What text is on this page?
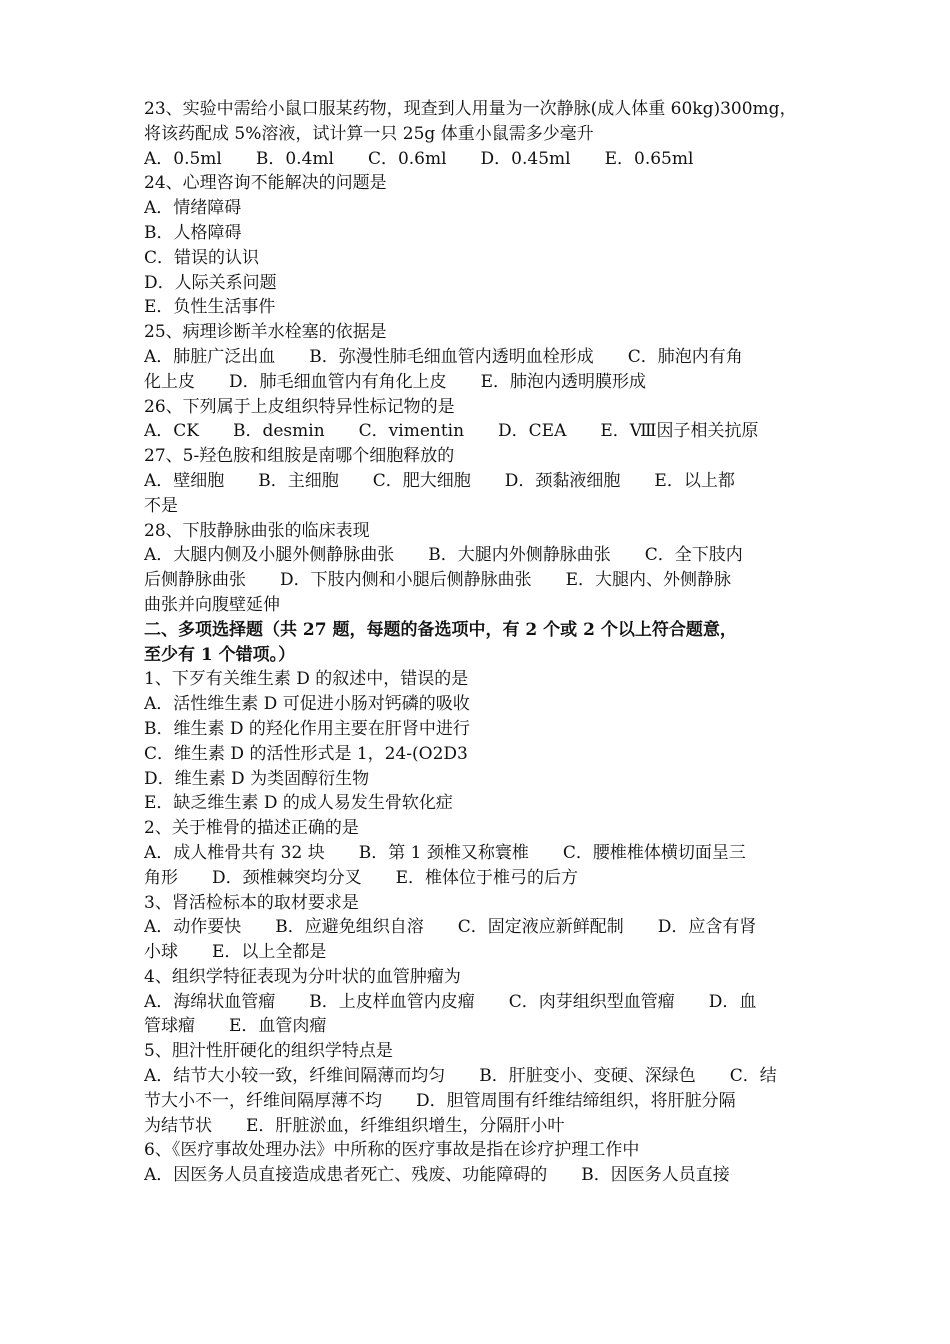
23、实验中需给小鼠口服某药物，现查到人用量为一次静脉(成人体重 60kg)300mg，
将该药配成 5%溶液，试计算一只 25g 体重小鼠需多少毫升
A．0.5ml　　B．0.4ml　　C．0.6ml　　D．0.45ml　　E．0.65ml
24、心理咨询不能解决的问题是
A．情绪障碍
B．人格障碍
C．错误的认识
D．人际关系问题
E．负性生活事件
25、病理诊断羊水栓塞的依据是
A．肺脏广泛出血　　B．弥漫性肺毛细血管内透明血栓形成　　C．肺泡内有角
化上皮　　D．肺毛细血管内有角化上皮　　E．肺泡内透明膜形成
26、下列属于上皮组织特异性标记物的是
A．CK　　B．desmin　　C．vimentin　　D．CEA　　E．Ⅷ因子相关抗原
27、5-羟色胺和组胺是南哪个细胞释放的
A．壁细胞　　B．主细胞　　C．肥大细胞　　D．颈黏液细胞　　E．以上都
不是
28、下肢静脉曲张的临床表现
A．大腿内侧及小腿外侧静脉曲张　　B．大腿内外侧静脉曲张　　C．全下肢内
后侧静脉曲张　　D．下肢内侧和小腿后侧静脉曲张　　E．大腿内、外侧静脉
曲张并向腹壁延伸
二、多项选择题（共 27 题，每题的备选项中，有 2 个或 2 个以上符合题意，
至少有 1 个错项。）
1、下歹有关维生素 D 的叙述中，错误的是
A．活性维生素 D 可促进小肠对钙磷的吸收
B．维生素 D 的羟化作用主要在肝肾中进行
C．维生素 D 的活性形式是 1，24-(O2D3
D．维生素 D 为类固醇衍生物
E．缺乏维生素 D 的成人易发生骨软化症
2、关于椎骨的描述正确的是
A．成人椎骨共有 32 块　　B．第 1 颈椎又称寰椎　　C．腰椎椎体横切面呈三
角形　　D．颈椎棘突均分叉　　E．椎体位于椎弓的后方
3、肾活检标本的取材要求是
A．动作要快　　B．应避免组织自溶　　C．固定液应新鲜配制　　D．应含有肾
小球　　E．以上全都是
4、组织学特征表现为分叶状的血管肿瘤为
A．海绵状血管瘤　　B．上皮样血管内皮瘤　　C．肉芽组织型血管瘤　　D．血
管球瘤　　E．血管肉瘤
5、胆汁性肝硬化的组织学特点是
A．结节大小较一致，纤维间隔薄而均匀　　B．肝脏变小、变硬、深绿色　　C．结
节大小不一，纤维间隔厚薄不均　　D．胆管周围有纤维结缔组织，将肝脏分隔
为结节状　　E．肝脏淤血，纤维组织增生，分隔肝小叶
6、《医疗事故处理办法》中所称的医疗事故是指在诊疗护理工作中
A．因医务人员直接造成患者死亡、残废、功能障碍的　　B．因医务人员直接
